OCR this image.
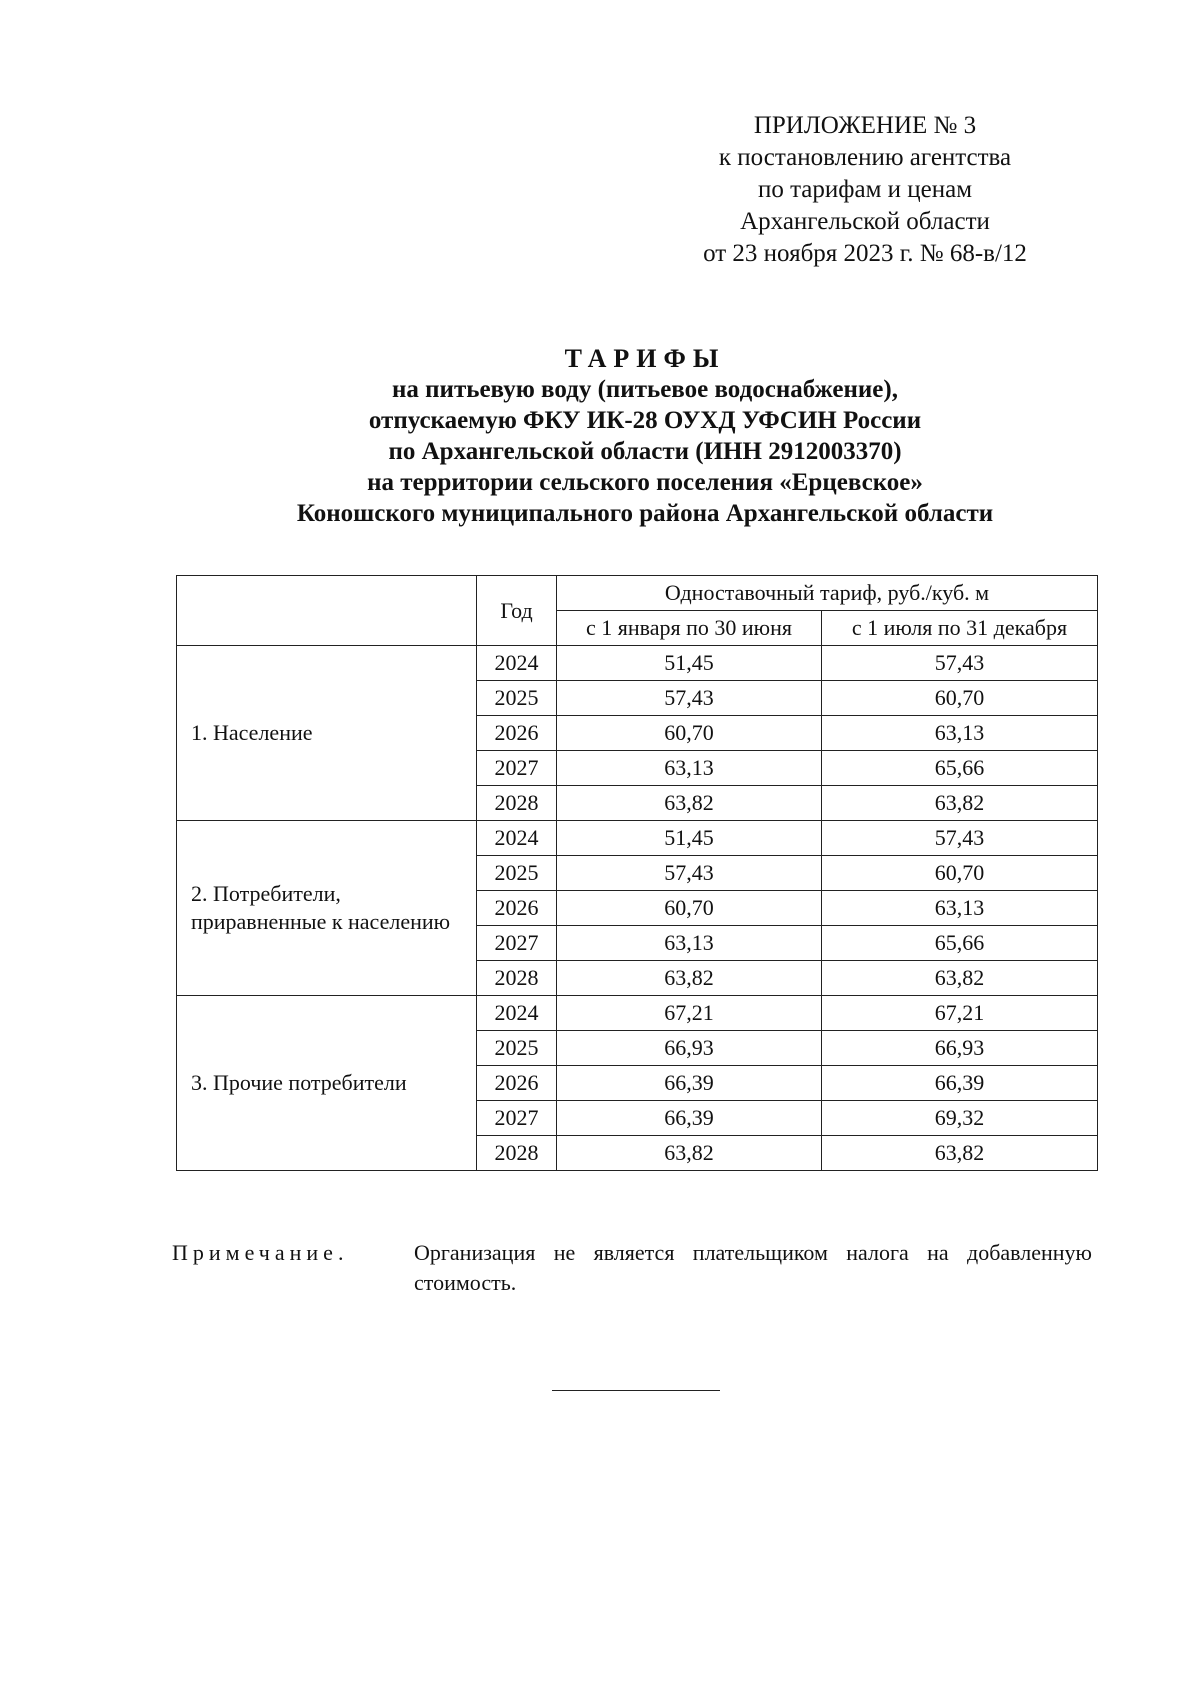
ПРИЛОЖЕНИЕ № 3
к постановлению агентства
по тарифам и ценам
Архангельской области
от 23 ноября 2023 г. № 68-в/12
ТАРИФЫ
на питьевую воду (питьевое водоснабжение),
отпускаемую ФКУ ИК-28 ОУХД УФСИН России
по Архангельской области (ИНН 2912003370)
на территории сельского поселения «Ерцевское»
Коношского муниципального района Архангельской области
	Год	Одноставочный тариф, руб./куб. м	
		с 1 января по 30 июня	с 1 июля по 31 декабря
1. Население	2024	51,45	57,43
	2025	57,43	60,70
	2026	60,70	63,13
	2027	63,13	65,66
	2028	63,82	63,82
2. Потребители, приравненные к населению	2024	51,45	57,43
	2025	57,43	60,70
	2026	60,70	63,13
	2027	63,13	65,66
	2028	63,82	63,82
3. Прочие потребители	2024	67,21	67,21
	2025	66,93	66,93
	2026	66,39	66,39
	2027	66,39	69,32
	2028	63,82	63,82
Примечание.	Организация не является плательщиком налога на добавленную стоимость.
